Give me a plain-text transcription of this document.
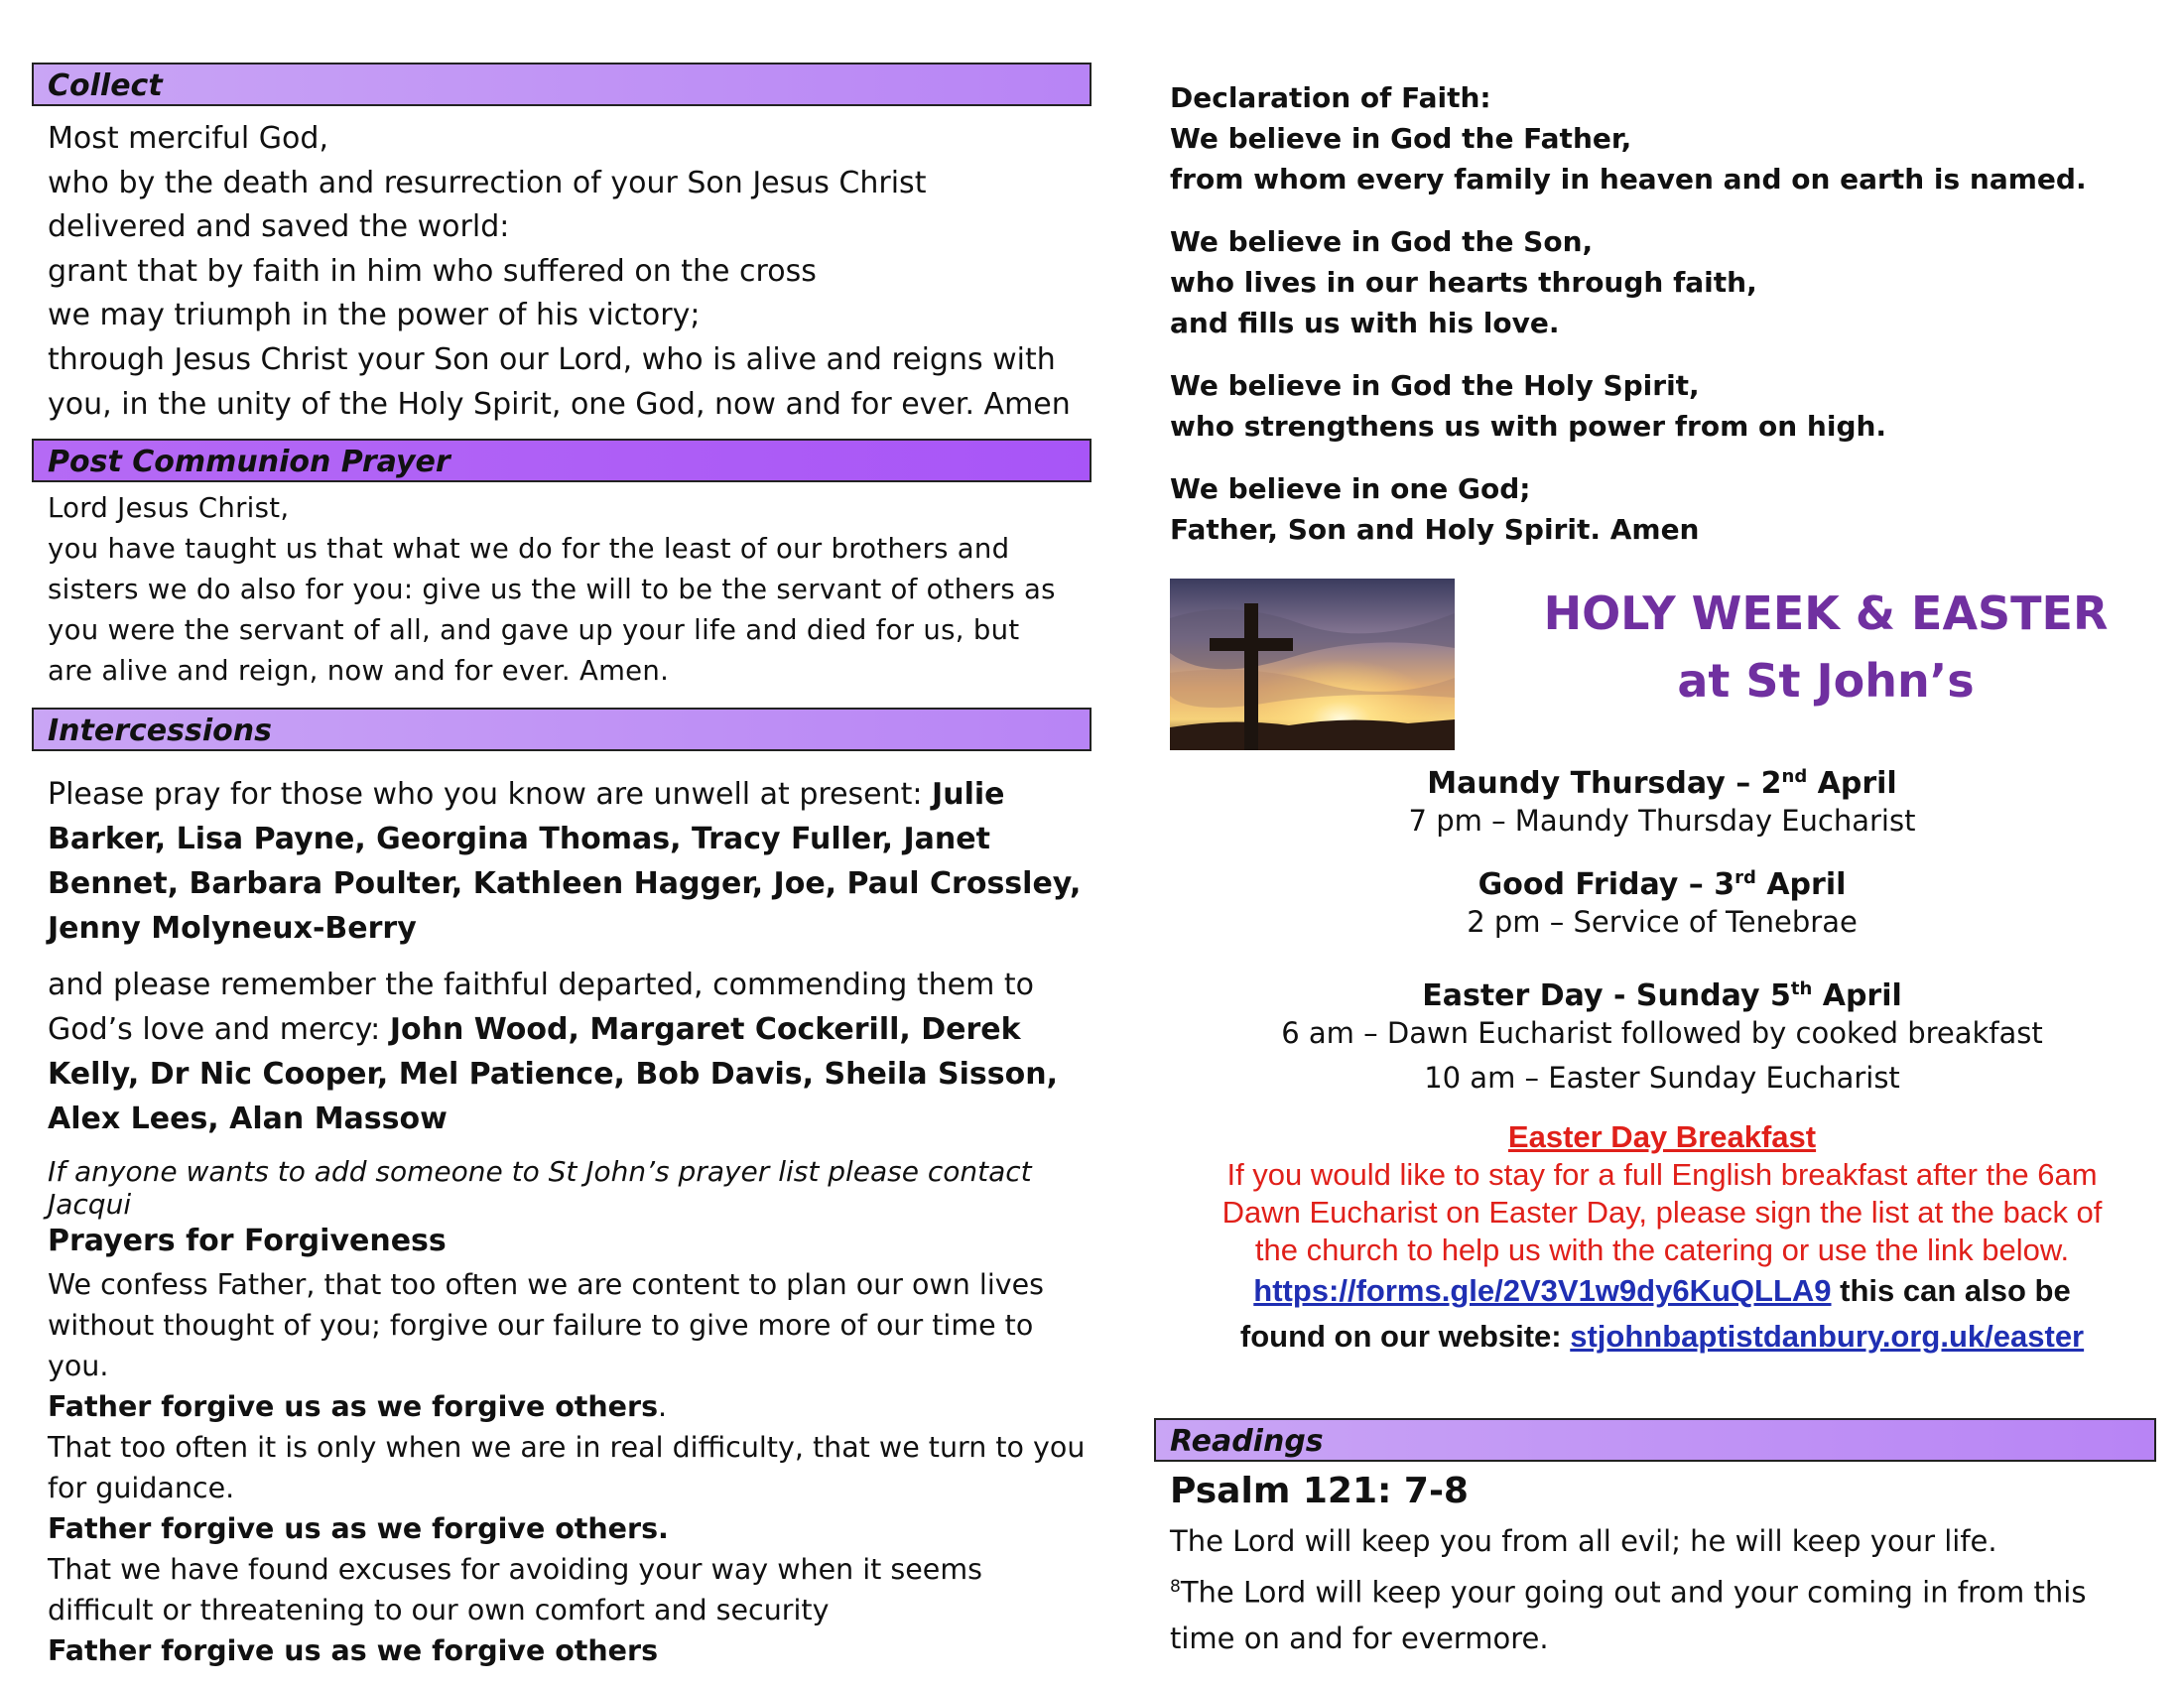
Collect
Most merciful God,
who by the death and resurrection of your Son Jesus Christ
delivered and saved the world:
grant that by faith in him who suffered on the cross
we may triumph in the power of his victory;
through Jesus Christ your Son our Lord, who is alive and reigns with
you, in the unity of the Holy Spirit, one God, now and for ever. Amen
Post Communion Prayer
Lord Jesus Christ,
you have taught us that what we do for the least of our brothers and
sisters we do also for you: give us the will to be the servant of others as
you were the servant of all, and gave up your life and died for us, but
are alive and reign, now and for ever. Amen.
Intercessions
Please pray for those who you know are unwell at present: Julie Barker, Lisa Payne, Georgina Thomas, Tracy Fuller, Janet Bennet, Barbara Poulter, Kathleen Hagger, Joe, Paul Crossley, Jenny Molyneux-Berry
and please remember the faithful departed, commending them to God’s love and mercy: John Wood, Margaret Cockerill, Derek Kelly, Dr Nic Cooper, Mel Patience, Bob Davis, Sheila Sisson, Alex Lees, Alan Massow
If anyone wants to add someone to St John’s prayer list please contact Jacqui
Prayers for Forgiveness
We confess Father, that too often we are content to plan our own lives without thought of you; forgive our failure to give more of our time to you.
Father forgive us as we forgive others.
That too often it is only when we are in real difficulty, that we turn to you for guidance.
Father forgive us as we forgive others.
That we have found excuses for avoiding your way when it seems difficult or threatening to our own comfort and security
Father forgive us as we forgive others
Declaration of Faith:
We believe in God the Father,
from whom every family in heaven and on earth is named.
We believe in God the Son,
who lives in our hearts through faith,
and fills us with his love.
We believe in God the Holy Spirit,
who strengthens us with power from on high.
We believe in one God;
Father, Son and Holy Spirit. Amen
HOLY WEEK & EASTER
at St John’s
Maundy Thursday – 2nd April
7 pm – Maundy Thursday Eucharist
Good Friday – 3rd April
2 pm – Service of Tenebrae
Easter Day - Sunday 5th April
6 am – Dawn Eucharist followed by cooked breakfast
10 am – Easter Sunday Eucharist
Easter Day Breakfast
If you would like to stay for a full English breakfast after the 6am
Dawn Eucharist on Easter Day, please sign the list at the back of
the church to help us with the catering or use the link below.
https://forms.gle/2V3V1w9dy6KuQLLA9 this can also be
found on our website: stjohnbaptistdanbury.org.uk/easter
Readings
Psalm 121: 7-8
The Lord will keep you from all evil; he will keep your life.
$^8$The Lord will keep your going out and your coming in from this
time on and for evermore.
